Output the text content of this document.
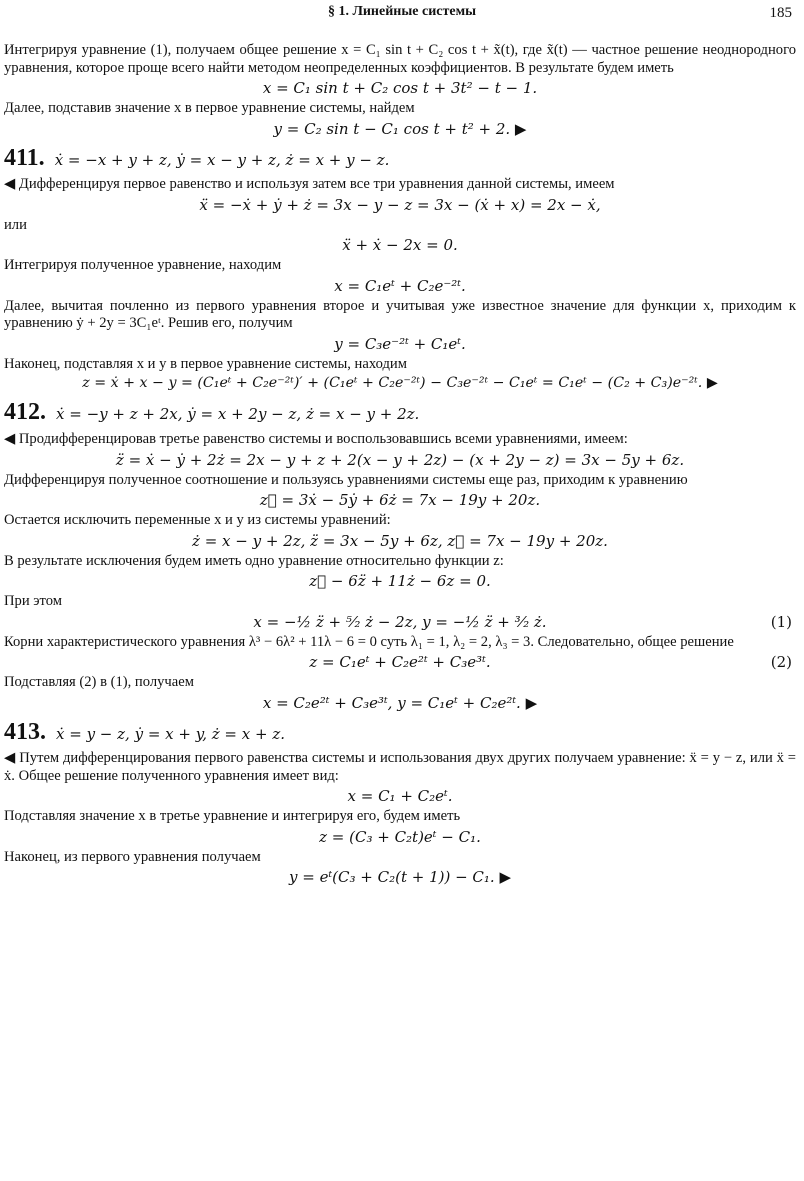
§ 1. Линейные системы	185

Интегрируя уравнение (1), получаем общее решение x = C₁ sin t + C₂ cos t + x̃(t), где x̃(t) — частное решение неоднородного уравнения, которое проще всего найти методом неопределенных коэффициентов. В результате будем иметь

x = C₁ sin t + C₂ cos t + 3t² − t − 1.

Далее, подставив значение x в первое уравнение системы, найдем

y = C₂ sin t − C₁ cos t + t² + 2. ▶
411. ẋ = −x + y + z, ẏ = x − y + z, ż = x + y − z.

◀ Дифференцируя первое равенство и используя затем все три уравнения данной системы, имеем

ẍ = −ẋ + ẏ + ż = 3x − y − z = 3x − (ẋ + x) = 2x − ẋ,

или

ẍ + ẋ − 2x = 0.

Интегрируя полученное уравнение, находим

x = C₁eᵗ + C₂e⁻²ᵗ.

Далее, вычитая почленно из первого уравнения второе и учитывая уже известное значение для функции x, приходим к уравнению ẏ + 2y = 3C₁eᵗ. Решив его, получим

y = C₃e⁻²ᵗ + C₁eᵗ.

Наконец, подставляя x и y в первое уравнение системы, находим

z = ẋ + x − y = (C₁eᵗ + C₂e⁻²ᵗ)′ + (C₁eᵗ + C₂e⁻²ᵗ) − C₃e⁻²ᵗ − C₁eᵗ = C₁eᵗ − (C₂ + C₃)e⁻²ᵗ. ▶
412. ẋ = −y + z + 2x, ẏ = x + 2y − z, ż = x − y + 2z.

◀ Продифференцировав третье равенство системы и воспользовавшись всеми уравнениями, имеем:

z̈ = ẋ − ẏ + 2ż = 2x − y + z + 2(x − y + 2z) − (x + 2y − z) = 3x − 5y + 6z.

Дифференцируя полученное соотношение и пользуясь уравнениями системы еще раз, приходим к уравнению

z⃛ = 3ẋ − 5ẏ + 6ż = 7x − 19y + 20z.

Остается исключить переменные x и y из системы уравнений:

ż = x − y + 2z, z̈ = 3x − 5y + 6z, z⃛ = 7x − 19y + 20z.

В результате исключения будем иметь одно уравнение относительно функции z:

z⃛ − 6z̈ + 11ż − 6z = 0.

При этом

x = −½ z̈ + ⁵⁄₂ ż − 2z, y = −½ z̈ + ³⁄₂ ż.	(1)

Корни характеристического уравнения λ³ − 6λ² + 11λ − 6 = 0 суть λ₁ = 1, λ₂ = 2, λ₃ = 3. Следовательно, общее решение

z = C₁eᵗ + C₂e²ᵗ + C₃e³ᵗ.	(2)

Подставляя (2) в (1), получаем

x = C₂e²ᵗ + C₃e³ᵗ, y = C₁eᵗ + C₂e²ᵗ. ▶
413. ẋ = y − z, ẏ = x + y, ż = x + z.

◀ Путем дифференцирования первого равенства системы и использования двух других получаем уравнение: ẍ = y − z, или ẍ = ẋ. Общее решение полученного уравнения имеет вид:

x = C₁ + C₂eᵗ.

Подставляя значение x в третье уравнение и интегрируя его, будем иметь

z = (C₃ + C₂t)eᵗ − C₁.

Наконец, из первого уравнения получаем

y = eᵗ(C₃ + C₂(t + 1)) − C₁. ▶
